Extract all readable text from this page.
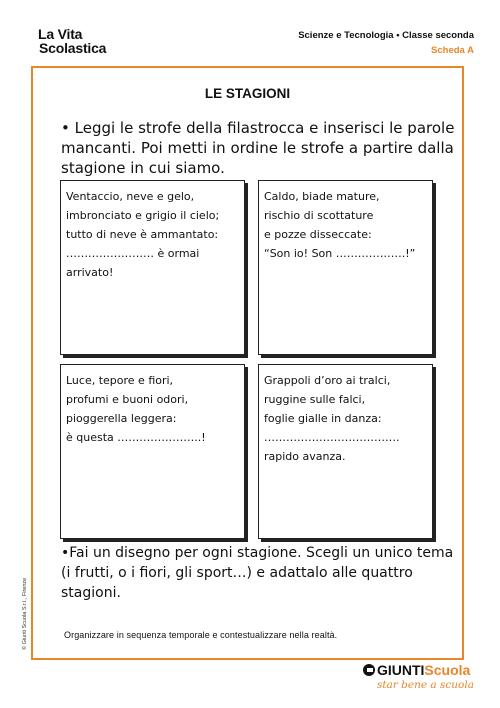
La Vita
Scolastica
Scienze e Tecnologia • Classe seconda
Scheda A
LE STAGIONI
• Leggi le strofe della filastrocca e inserisci le parole mancanti. Poi metti in ordine le strofe a partire dalla stagione in cui siamo.
Ventaccio, neve e gelo,
imbronciato e grigio il cielo;
tutto di neve è ammantato:
…………………… è ormai
arrivato!
Caldo, biade mature,
rischio di scottature
e pozze disseccate:
“Son io! Son ……………….!”
Luce, tepore e fiori,
profumi e buoni odori,
pioggerella leggera:
è questa …………………..!
Grappoli d’oro ai tralci,
ruggine sulle falci,
foglie gialle in danza:
……………………………….
rapido avanza.
•Fai un disegno per ogni stagione. Scegli un unico tema (i frutti, o i fiori, gli sport…) e adattalo alle quattro stagioni.
Organizzare in sequenza temporale e contestualizzare nella realtà.
© Giunti Scuola S.r.l., Firenze
GIUNTI Scuola
star bene a scuola
